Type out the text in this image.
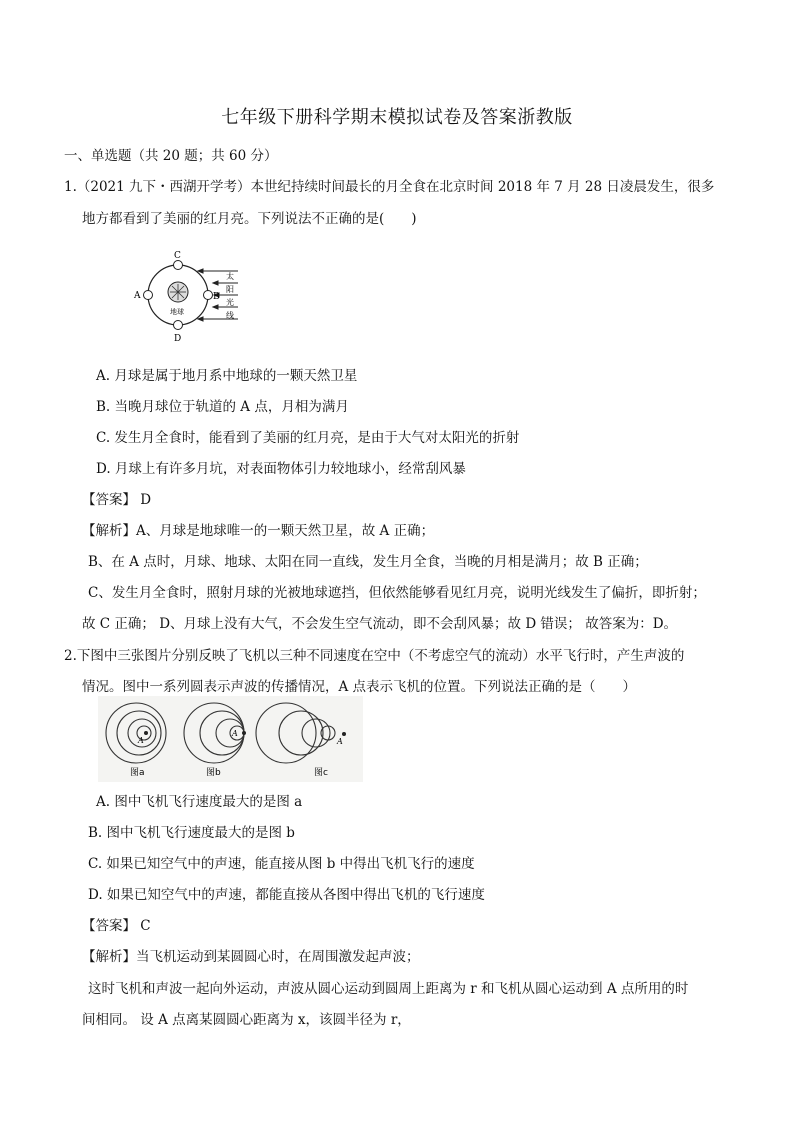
七年级下册科学期末模拟试卷及答案浙教版
一、单选题（共 20 题；共 60 分）
1.（2021 九下・西湖开学考）本世纪持续时间最长的月全食在北京时间 2018 年 7 月 28 日凌晨发生，很多
地方都看到了美丽的红月亮。下列说法不正确的是(　　)
C
A	B
D
地球
太
阳
光
线
A. 月球是属于地月系中地球的一颗天然卫星
B. 当晚月球位于轨道的 A 点，月相为满月
C. 发生月全食时，能看到了美丽的红月亮，是由于大气对太阳光的折射
D. 月球上有许多月坑，对表面物体引力较地球小，经常刮风暴
【答案】 D
【解析】A、月球是地球唯一的一颗天然卫星，故 A 正确；
B、在 A 点时，月球、地球、太阳在同一直线，发生月全食，当晚的月相是满月；故 B 正确；
C、发生月全食时，照射月球的光被地球遮挡，但依然能够看见红月亮，说明光线发生了偏折，即折射；
故 C 正确； D、月球上没有大气，不会发生空气流动，即不会刮风暴；故 D 错误； 故答案为：D。
2.下图中三张图片分别反映了飞机以三种不同速度在空中（不考虑空气的流动）水平飞行时，产生声波的
情况。图中一系列圆表示声波的传播情况，A 点表示飞机的位置。下列说法正确的是（　　）
A
图a
A
图b
A
图c
A. 图中飞机飞行速度最大的是图 a
B. 图中飞机飞行速度最大的是图 b
C. 如果已知空气中的声速，能直接从图 b 中得出飞机飞行的速度
D. 如果已知空气中的声速，都能直接从各图中得出飞机的飞行速度
【答案】 C
【解析】当飞机运动到某圆圆心时，在周围激发起声波；
这时飞机和声波一起向外运动，声波从圆心运动到圆周上距离为 r 和飞机从圆心运动到 A 点所用的时
间相同。 设 A 点离某圆圆心距离为 x，该圆半径为 r，
